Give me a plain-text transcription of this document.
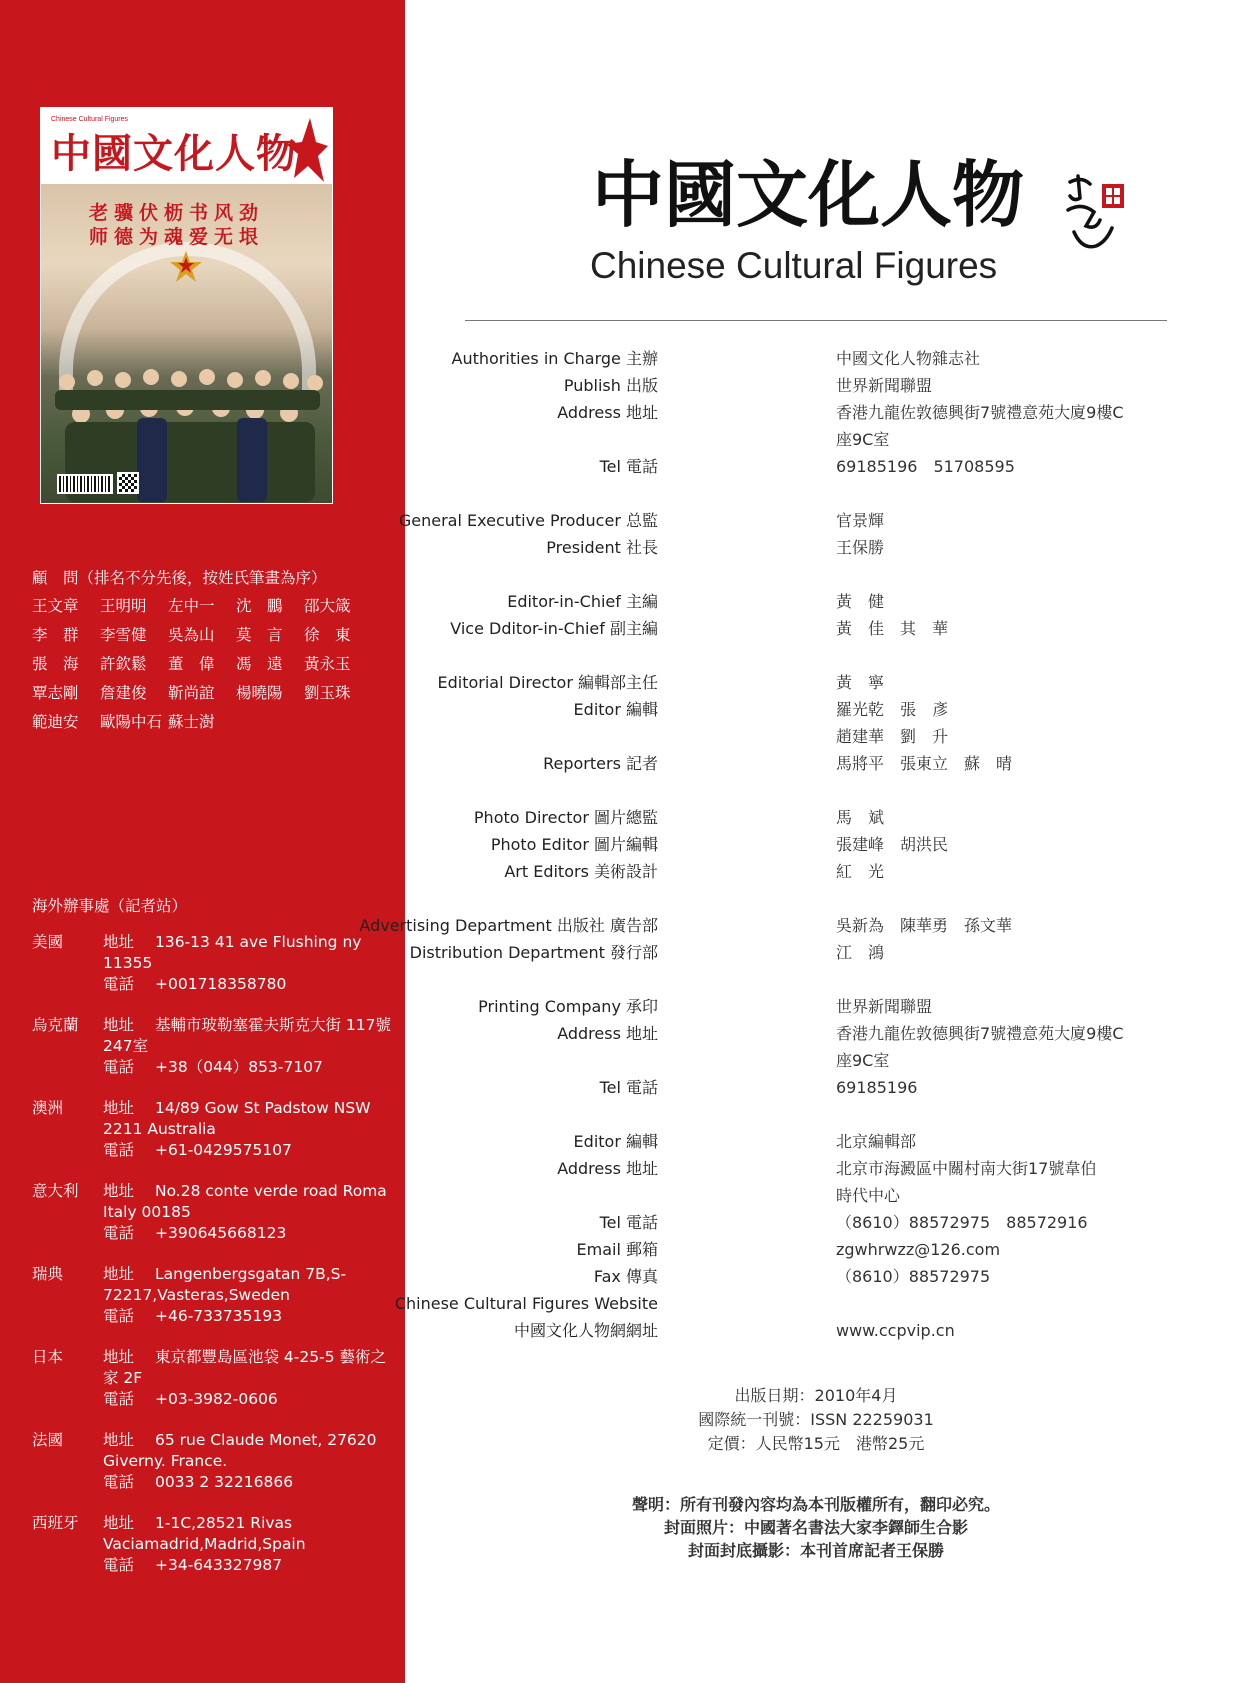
Chinese Cultural Figures
中國文化人物
老骥伏枥书风劲
师德为魂爱无垠
顧　問（排名不分先後，按姓氏筆畫為序）
王文章	王明明	左中一	沈　鵬	邵大箴
李　群	李雪健	吳為山	莫　言	徐　東
張　海	許欽鬆	董　偉	馮　遠	黃永玉
覃志剛	詹建俊	靳尚誼	楊曉陽	劉玉珠
範迪安	歐陽中石 蘇士澍
海外辦事處（記者站）
美國	地址 136-13 41 ave Flushing ny 11355
電話 +001718358780
烏克蘭 地址 基輔市玻勒塞霍夫斯克大街 117號 247室
電話 +38（044）853-7107
澳洲	地址 14/89 Gow St Padstow NSW 2211 Australia
電話 +61-0429575107
意大利 地址 No.28 conte verde road Roma Italy 00185
電話 +390645668123
瑞典	地址 Langenbergsgatan 7B,S-72217,Vasteras,Sweden
電話 +46-733735193
日本	地址 東京都豐島區池袋 4-25-5 藝術之家 2F
電話 +03-3982-0606
法國	地址 65 rue Claude Monet, 27620 Giverny. France.
電話 0033 2 32216866
西班牙 地址 1-1C,28521 Rivas Vaciamadrid,Madrid,Spain
電話 +34-643327987
中國文化人物
Chinese Cultural Figures
Authorities in Charge 主辦	中國文化人物雜志社
Publish 出版	世界新聞聯盟
Address 地址	香港九龍佐敦德興街7號禮意苑大廈9樓C
座9C室
Tel 電話	69185196　51708595
General Executive Producer 总監	官景輝
President 社長	王保勝
Editor-in-Chief 主編	黃　健
Vice Dditor-in-Chief 副主編	黃　佳　其　華
Editorial Director 編輯部主任	黃　寧
Editor 編輯	羅光乾　張　彥
趙建華　劉　升
Reporters 記者	馬將平　張東立　蘇　晴
Photo Director 圖片總監	馬　斌
Photo Editor 圖片編輯	張建峰　胡洪民
Art Editors 美術設計	紅　光
Advertising Department 出版社 廣告部	吳新為　陳華勇　孫文華
Distribution Department 發行部	江　鴻
Printing Company 承印	世界新聞聯盟
Address 地址	香港九龍佐敦德興街7號禮意苑大廈9樓C
座9C室
Tel 電話	69185196
Editor 編輯	北京編輯部
Address 地址	北京市海澱區中關村南大街17號韋伯
時代中心
Tel 電話	（8610）88572975　88572916
Email 郵箱	zgwhrwzz@126.com
Fax 傳真	（8610）88572975
Chinese Cultural Figures Website
中國文化人物網網址	www.ccpvip.cn
出版日期：2010年4月
國際統一刊號：ISSN 22259031
定價：人民幣15元　港幣25元
聲明：所有刊發內容均為本刊版權所有，翻印必究。
封面照片：中國著名書法大家李鐸師生合影
封面封底攝影：本刊首席記者王保勝
